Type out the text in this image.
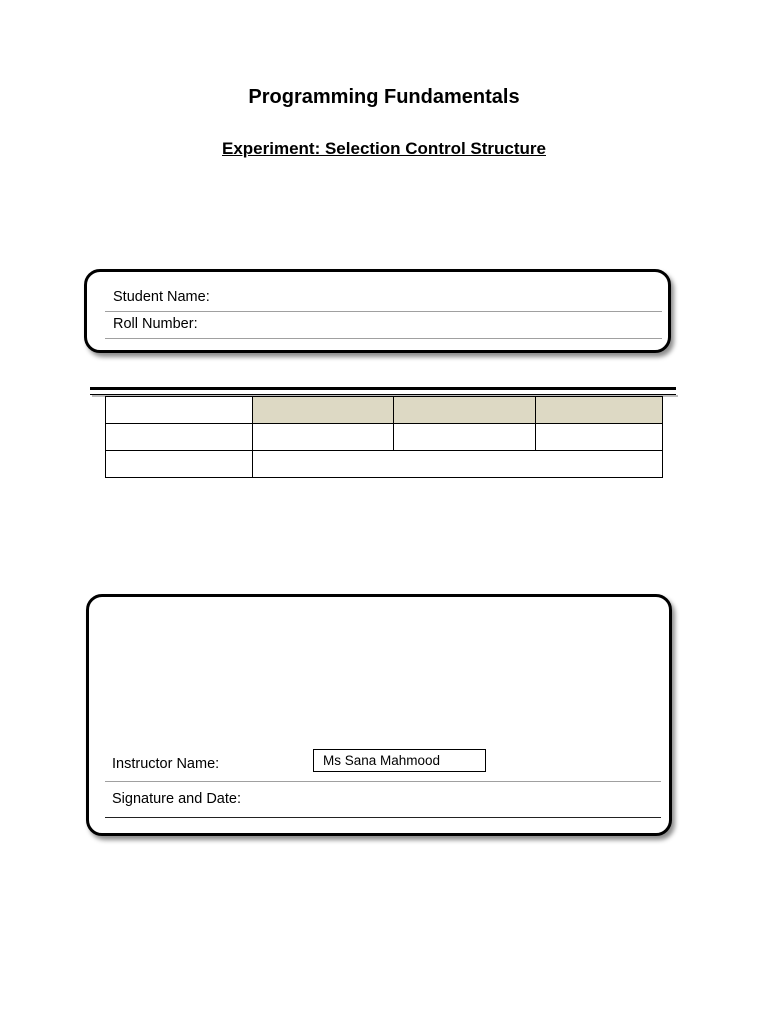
Programming Fundamentals
Experiment: Selection Control Structure
Student Name:
Roll Number:

Instructor Name:	Ms Sana Mahmood
Signature and Date:
